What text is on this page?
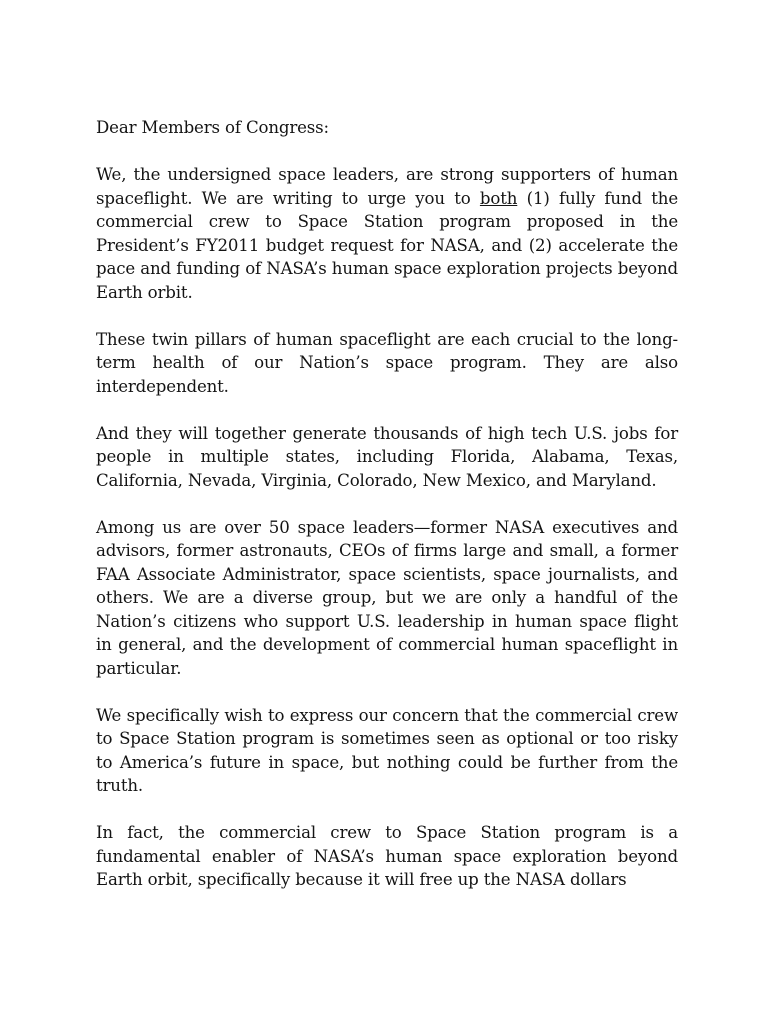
Dear Members of Congress:

We, the undersigned space leaders, are strong supporters of human spaceflight. We are writing to urge you to both (1) fully fund the commercial crew to Space Station program proposed in the President’s FY2011 budget request for NASA, and (2) accelerate the pace and funding of NASA’s human space exploration projects beyond Earth orbit.

These twin pillars of human spaceflight are each crucial to the long-term health of our Nation’s space program. They are also interdependent.

And they will together generate thousands of high tech U.S. jobs for people in multiple states, including Florida, Alabama, Texas, California, Nevada, Virginia, Colorado, New Mexico, and Maryland.

Among us are over 50 space leaders—former NASA executives and advisors, former astronauts, CEOs of firms large and small, a former FAA Associate Administrator, space scientists, space journalists, and others. We are a diverse group, but we are only a handful of the Nation’s citizens who support U.S. leadership in human space flight in general, and the development of commercial human spaceflight in particular.

We specifically wish to express our concern that the commercial crew to Space Station program is sometimes seen as optional or too risky to America’s future in space, but nothing could be further from the truth.

In fact, the commercial crew to Space Station program is a fundamental enabler of NASA’s human space exploration beyond Earth orbit, specifically because it will free up the NASA dollars
